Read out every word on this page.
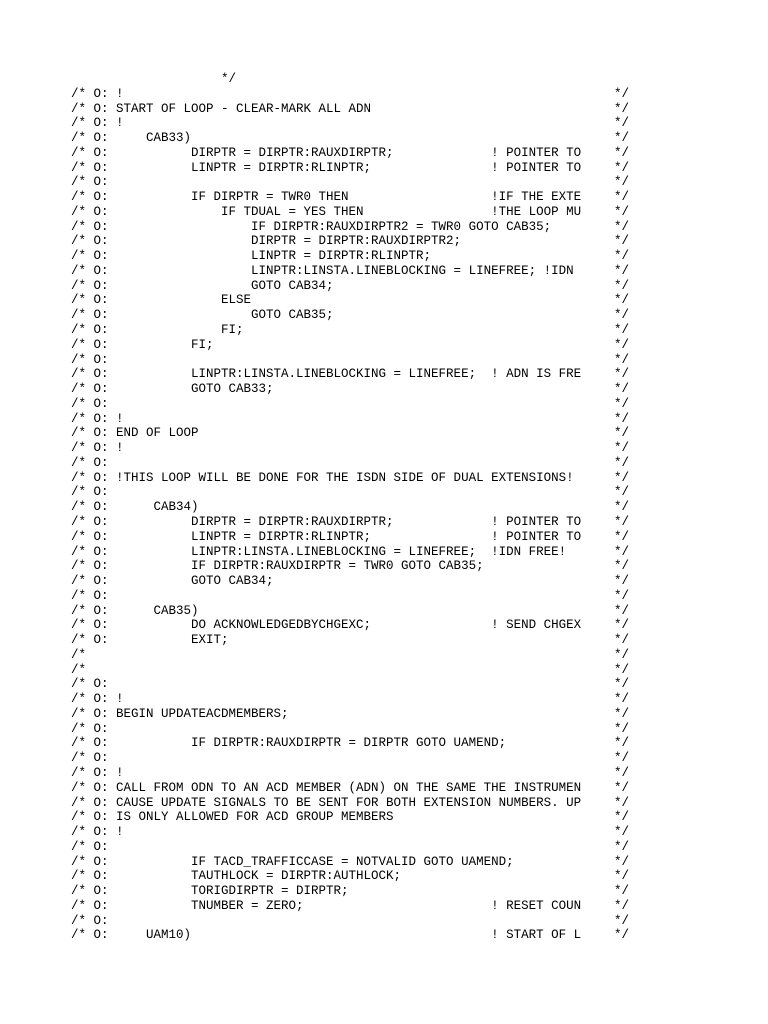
*/
/* O: !	*/
/* O: START OF LOOP - CLEAR-MARK ALL ADN	*/
/* O: !	*/
/* O:     CAB33)	*/
/* O:           DIRPTR = DIRPTR:RAUXDIRPTR;             ! POINTER TO	*/
/* O:           LINPTR = DIRPTR:RLINPTR;                ! POINTER TO	*/
/* O:	*/
/* O:           IF DIRPTR = TWR0 THEN                   !IF THE EXTE	*/
/* O:               IF TDUAL = YES THEN                 !THE LOOP MU	*/
/* O:                   IF DIRPTR:RAUXDIRPTR2 = TWR0 GOTO CAB35;	*/
/* O:                   DIRPTR = DIRPTR:RAUXDIRPTR2;	*/
/* O:                   LINPTR = DIRPTR:RLINPTR;	*/
/* O:                   LINPTR:LINSTA.LINEBLOCKING = LINEFREE; !IDN	*/
/* O:                   GOTO CAB34;	*/
/* O:               ELSE	*/
/* O:                   GOTO CAB35;	*/
/* O:               FI;	*/
/* O:           FI;	*/
/* O:	*/
/* O:           LINPTR:LINSTA.LINEBLOCKING = LINEFREE;  ! ADN IS FRE	*/
/* O:           GOTO CAB33;	*/
/* O:	*/
/* O: !	*/
/* O: END OF LOOP	*/
/* O: !	*/
/* O:	*/
/* O: !THIS LOOP WILL BE DONE FOR THE ISDN SIDE OF DUAL EXTENSIONS!	*/
/* O:	*/
/* O:      CAB34)	*/
/* O:           DIRPTR = DIRPTR:RAUXDIRPTR;             ! POINTER TO	*/
/* O:           LINPTR = DIRPTR:RLINPTR;                ! POINTER TO	*/
/* O:           LINPTR:LINSTA.LINEBLOCKING = LINEFREE;  !IDN FREE!	*/
/* O:           IF DIRPTR:RAUXDIRPTR = TWR0 GOTO CAB35;	*/
/* O:           GOTO CAB34;	*/
/* O:	*/
/* O:      CAB35)	*/
/* O:           DO ACKNOWLEDGEDBYCHGEXC;                ! SEND CHGEX	*/
/* O:           EXIT;	*/
/*	*/
/*	*/
/* O:	*/
/* O: !	*/
/* O: BEGIN UPDATEACDMEMBERS;	*/
/* O:	*/
/* O:           IF DIRPTR:RAUXDIRPTR = DIRPTR GOTO UAMEND;	*/
/* O:	*/
/* O: !	*/
/* O: CALL FROM ODN TO AN ACD MEMBER (ADN) ON THE SAME THE INSTRUMEN	*/
/* O: CAUSE UPDATE SIGNALS TO BE SENT FOR BOTH EXTENSION NUMBERS. UP	*/
/* O: IS ONLY ALLOWED FOR ACD GROUP MEMBERS	*/
/* O: !	*/
/* O:	*/
/* O:           IF TACD_TRAFFICCASE = NOTVALID GOTO UAMEND;	*/
/* O:           TAUTHLOCK = DIRPTR:AUTHLOCK;	*/
/* O:           TORIGDIRPTR = DIRPTR;	*/
/* O:           TNUMBER = ZERO;                         ! RESET COUN	*/
/* O:	*/
/* O:     UAM10)                                        ! START OF L	*/
